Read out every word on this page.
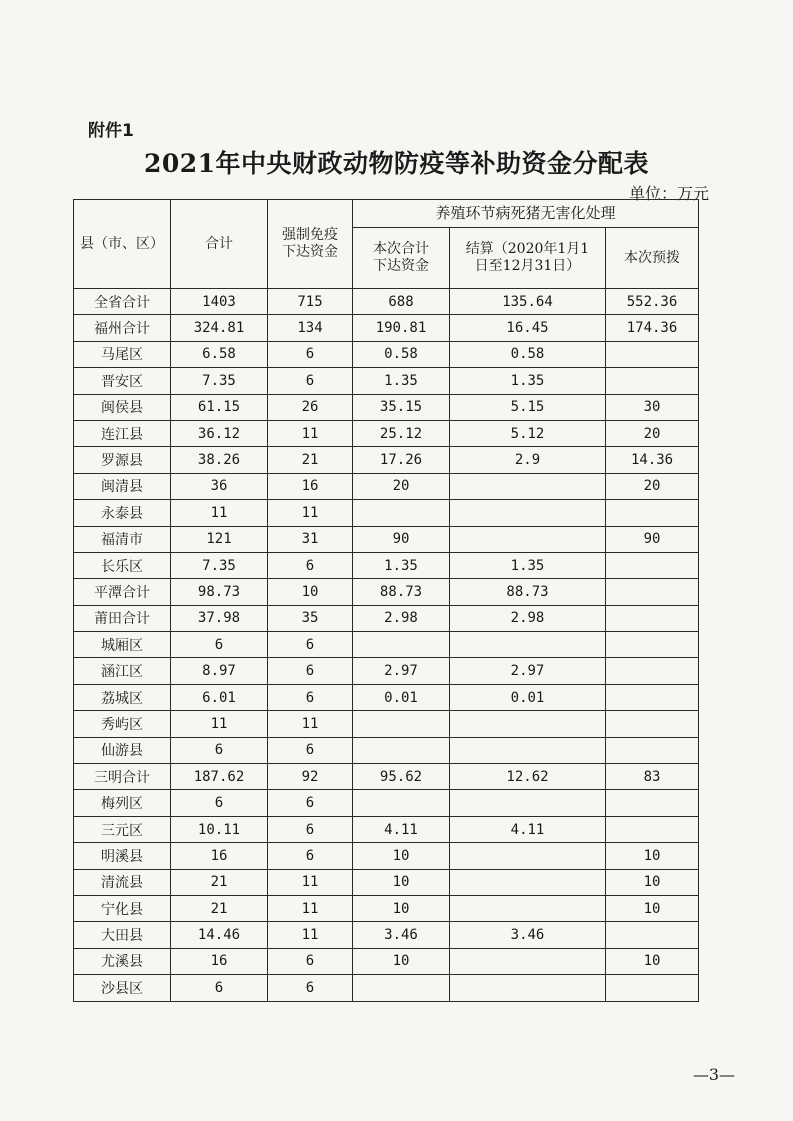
附件1
2021年中央财政动物防疫等补助资金分配表
单位：万元
县（市、区）	合计	强制免疫下达资金	养殖环节病死猪无害化处理		
			本次合计下达资金	结算（2020年1月1日至12月31日）	本次预拨
全省合计	1403	715	688	135.64	552.36
福州合计	324.81	134	190.81	16.45	174.36
马尾区	6.58	6	0.58	0.58	
晋安区	7.35	6	1.35	1.35	
闽侯县	61.15	26	35.15	5.15	30
连江县	36.12	11	25.12	5.12	20
罗源县	38.26	21	17.26	2.9	14.36
闽清县	36	16	20		20
永泰县	11	11			
福清市	121	31	90		90
长乐区	7.35	6	1.35	1.35	
平潭合计	98.73	10	88.73	88.73	
莆田合计	37.98	35	2.98	2.98	
城厢区	6	6			
涵江区	8.97	6	2.97	2.97	
荔城区	6.01	6	0.01	0.01	
秀屿区	11	11			
仙游县	6	6			
三明合计	187.62	92	95.62	12.62	83
梅列区	6	6			
三元区	10.11	6	4.11	4.11	
明溪县	16	6	10		10
清流县	21	11	10		10
宁化县	21	11	10		10
大田县	14.46	11	3.46	3.46	
尤溪县	16	6	10		10
沙县区	6	6			
—3—
